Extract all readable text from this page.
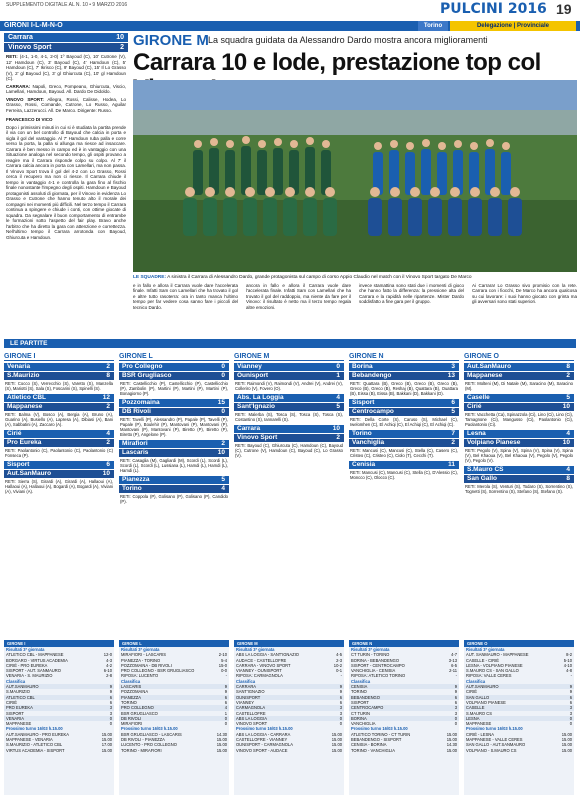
SUPPLEMENTO DIGITALE AL N. 10 • 9 MARZO 2016	PULCINI 2016 19
GIRONI I-L-M-N-O	Torino	Delegazione | Provinciale
Carrara	10
Vinovo Sport	2

RETI: (4-1, 1-0, 4-1, 2-0) 1º Bayoud (C), 10' Cutrone (V), 12' Hamdoun (C), 3' Bayoud (C), 4' Hamdoun (C), 5' Hamdoun (C), 7' Ikrisco (C), 9' Bayoud (C), 15' Il Lo Grasso (V), 2' gl Bayoud (C), 3' gl Ghiurcuta (C), 10' gl Hamdoun (C).

CARRARA: Napoli, Greco, Pompeano, Ghiurcuta, Viscio, Lamellari, Hamdoun, Bayoud. All. Dardo De Didoldo.

VINOVO SPORT: Allegra, Rossi, Calisse, Hodea, Lo Grasso, Rossi, Comande, Cutrone, Lo Russo, Aguilar Ferreira, Lazzerucci. All. De Marco. Dirigente: Russo.

FRANCESCO DI VICO

Dopo i primissimi minuti in cui si è studiata la partita prende il via con un bel controllo di Bayoud che calcia in porta e sigla il gol del vantaggio. Al 7' Hamdoun ruba palla e corre verso la porta, la palla si allunga ma riesce ad insaccare. Carrara è ben messo in campo ed è in vantaggio con una Situazione analoga nel secondo tempo, gli ospiti provano a reagire ma il Carrara risponde colpo su colpo. Al 7' il Carrara calcia ancora in porta con Lamellari, ma non passa. Il Vinovo Sport trova il gol del 4-2 con Lo Grasso, Rossi cerca il recupero ma non ci riesce. Il Carrara chiude il tempo in vantaggio 4-1 e controlla la gara fino al fischio finale nonostante l'impegno degli ospiti. Hamdoun e Bayoud protagonisti assoluti di giornata, per il Vinovo in evidenza Lo Grasso e Cutrone che hanno tenuto alto il morale dei compagni nei momenti più difficili. Nel terzo tempo il Carrara continua a spingere e chiude i conti, con ottime giocate di squadra. Da segnalare il buon comportamento di entrambe le formazioni sotto l'aspetto del fair play. Bravo anche l'arbitro che ha diretto la gara con attenzione e correttezza. Nell'ultimo tempo il Carrara arrotonda con Bayoud, Ghiurcuta e Hamdoun.

GIRONE M La squadra guidata da Alessandro Dardo mostra ancora miglioramenti
Carrara 10 e lode, prestazione top col
LE SQUADRE: A sinistra il Carrara di Alessandro Dardo, grande protagonista sul campo di corso Appio Claudio nel match con il Vinovo Sport targato De Marco
e in fallo e allora il Carrara vuole dare l'accelerata finale. Infatti Sam con Lamellari che ha trovato il gol e altre tutto rasoterra: ora in tanto manca l'ultimo tempo per far vedere cosa sanno fare i piccoli del tecnico Dardo.
ancora in fallo e allora il Carrara vuole dare l'accelerata finale. Infatti Sam con Lamellari che ha trovato il gol del raddoppio, ma niente da fare per il Vinovo: il risultato è netto ma il terzo tempo regala altre emozioni.
invece stamattina sono stati due i momenti di gioco che hanno fatto la differenza: la pressione alta del Carrara e la rapidità nelle ripartenze. Mister Dardo soddisfatto a fine gara per il gruppo.
Ai Carrara! Lo Grasso sivo promisio con la rete. Carrara con i fiocchi, De Marco ha ancora qualcosa su cui lavorare: i suoi hanno giocato con grinta ma gli avversari sono stati superiori.
LE PARTITE
GIRONE I
Venaria	2
S.Maurizio	8
RETI: Cocco (S), Verrecchio (S), Varetto (S), Manzella (S), Mariotti (S), Sala (S), Foscarini (S), Spinelli (S).
Atletico CBL	12
Mappanese	2
RETI: Balma (V), Bosco (A), Bergia (A), Bruno (A), Guarino (A), Busiello (A), Lapresa (A), Dibiasi (A), Bani (A), Sabbatini (A), Zaccaro (A).
Cirié	4
Pro Eureka	2
RETI: Paolantonio (C), Paolantonio (C), Paolantonio (C) Fonseca (P).
Sisport	6
Aut.SanMauro	10
RETI: Sierra (S), Girardi (A), Girardi (A), Hallaoui (A), Hallaoui (A), Hallaoui (A), Bogardi (A), Bogardi (A), Viviani (A), Viviani (A).
GIRONE L
Pro Collegno	0
BSR Grugliasco	0
RETI: Castellicchio (P), Castellicchio (P), Castellicchio (P), Zambolin (P), Martini (P), Martini (P), Martini (P), Bonagiorno (P).
Pozzomaina	15
DB Rivoli	0
RETI: Tavelli (P), Alessandro (P), Papale (P), Tavelli (P), Papale (P), Boulehir (P), Mantovani (P), Mantovani (P), Mantovani (P), Mantovani (P), Biretto (P), Biretto (P), Biretto (P), Angelone (P).
Mirafiori	2
Lascaris	10
RETI: Casaglia (M), Gagliardi (M), Scordi (L), Scordi (L), Scordi (L), Scordi (L), Lussiana (L), Hamdi (L), Hamdi (L), Hamdi (L).
Pianezza	5
Torino	4
RETI: Coppola (P), Golisano (P), Golisano (P), Candido (P).
GIRONE M
Vianney	0
Ounisport	1
RETI: Raimondi (V), Raimondi (V), Andrei (V), Andrei (V), Colleriro (V), Fovero (O).
Abs. La Loggia	4
Sant'Ignazio	5
RETI: Malerba (S), Tosca (S), Tosca (S), Tosca (S), Costantino (S), Iannarelli (S).
Carrara	10
Vinovo Sport	2
RETI: Bayoud (C), Ghiurcuta (C), Hamdoun (C), Bayoud (C), Cutrone (V), Hamdoun (C), Bayoud (C), Lo Grasso (V).
GIRONE N
Borina	3
Bebandengo	13
RETI: Quattara (B), Greco (B), Greco (B), Greco (B), Greco (B), Greco (B), Reshaj (B), Quattara (B), Ouattara (B), Eissa (B), Eissa (B), Bakkani (D), Bakkani (D).
Sisport	6
Centrocampo	5
RETI: Della Corte (S), Caruso (S), Michael (C), Iwelomhen (C), El Achiqi (C), El Achiqi (C), El Achiqi (C).
Torino	7
Vanchiglia	2
RETI: Mancusi (C), Mancusi (C), Stella (C), Casero (C), Cristeo (C), Cristeo (C), Ciolo (T), Cecchi (T).
Cenisia	11
RETI: Mancusi (C), Mancusi (C), Stella (C), D'Alessio (C), Moncco (C), Olocco (C).
GIRONE O
Aut.SanMauro	8
Mappanese	2
RETI: Molteni (M), Di Natale (M), Saracino (M), Saracino (M).
Caselle	5
Cirié	10
RETI: Vacchetta (Ca), Spinazzola (Ci), Lino (Ci), Lino (Ci), Tamagnone (Ci), Mangusso (Ci), Paolantonio (Ci), Paolantonio (Ci).
Lesna	4
Volpiano Pianese	10
RETI: Pegolo (V), Spina (V), Spina (V), Spina (V), Spina (V), Bel Khaoua (V), Bel Khaoua (V), Pegolo (V), Pegolo (V), Pegolo (V).
S.Mauro CS	4
San Gallo	8
RETI: Merola (S), Venturi (S), Todaro (S), Sorrentino (S), Tognetti (S), Sorrentino (S), Stefano (S), Stefano (S).
GIRONE I
Risultati 3ª giornata
ATLETICO CBL - MAPPANESE	12-0
BORGARO - VIRTUS ACADEMIA	4-3
CIRIÉ - PRO EUREKA	4-2
SISPORT - AUT. SANMAURO	6-10
VENARIA - S. MAURIZIO	2-8
Classifica
AUT.SANMAURO	9
S.MAURIZIO	9
ATLETICO CBL	6
CIRIÉ	6
PRO EUREKA	3
SISPORT	3
VENARIA	0
MAPPANESE	0
Prossimo turno 16/03 h.15.00
AUT.SANMAURO - PRO EUREKA	15.00
MAPPANESE - VENARIA	15.00
S.MAURIZIO - ATLETICO CBL	17.00
VIRTUS ACADEMIA - SISPORT	15.00
GIRONE L
Risultati 3ª giornata
MIRAFIORI - LASCARIS	2-10
PIANEZZA - TORINO	5-4
POZZOMAINA - DB RIVOLI	15-0
PRO COLLEGNO - BSR GRUGLIASCO	0-0
RIPOSA: LUCENTO	-
Classifica
LASCARIS	9
POZZOMAINA	9
PIANEZZA	6
TORINO	6
PRO COLLEGNO	4
BSR GRUGLIASCO	1
DB RIVOLI	0
MIRAFIORI	0
Prossimo turno 16/03 h.15.00
BSR GRUGLIASCO - LASCARIS	14.30
DB RIVOLI - PIANEZZA	15.00
LUCENTO - PRO COLLEGNO	15.00
TORINO - MIRAFIORI	15.00
GIRONE M
Risultati 3ª giornata
ABS LA LOGGIA - SANT'IGNAZIO	4-5
AUDACE - CASTELLOFRE	2-3
CARRARA - VINOVO SPORT	10-2
VIANNEY - OUNISPORT	0-1
RIPOSA: CARMAGNOLA	-
Classifica
CARRARA	9
SANT'IGNAZIO	9
OUNISPORT	6
VIANNEY	6
CARMAGNOLA	3
CASTELLOFRE	3
ABS LA LOGGIA	0
VINOVO SPORT	0
Prossimo turno 16/03 h.15.00
ABS LA LOGGIA - CARRARA	15.00
CASTELLOFRE - VIANNEY	15.00
OUNISPORT - CARMAGNOLA	15.00
VINOVO SPORT - AUDACE	15.00
GIRONE N
Risultati 3ª giornata
CT TURIN - TORINO	4-7
BORINA - BEBANDENGO	3-13
SISPORT - CENTROCAMPO	6-5
VANCHIGLIA - CENISIA	2-11
RIPOSA: ATLETICO TORINO	-
Classifica
CENISIA	9
TORINO	9
BEBANDENGO	6
SISPORT	6
CENTROCAMPO	3
CT TURIN	3
BORINA	0
VANCHIGLIA	0
Prossimo turno 16/03 h.15.00
ATLETICO TORINO - CT TURIN	15.00
BEBANDENGO - SISPORT	15.00
CENISIA - BORINA	14.30
TORINO - VANCHIGLIA	15.00
GIRONE O
Risultati 3ª giornata
AUT. SANMAURO - MAPPANESE	8-2
CASELLE - CIRIÉ	5-10
LESNA - VOLPIANO PIANESE	4-10
S.MAURO CS - SAN GALLO	4-8
RIPOSA: VALLE CERES	-
Classifica
AUT.SANMAURO	9
CIRIÉ	9
SAN GALLO	6
VOLPIANO PIANESE	6
CASELLE	3
S.MAURO CS	3
LESNA	0
MAPPANESE	0
Prossimo turno 16/03 h.15.00
CIRIÉ - LESNA	15.00
MAPPANESE - VALLE CERES	15.00
SAN GALLO - AUT.SANMAURO	15.00
VOLPIANO - S.MAURO CS	15.00
